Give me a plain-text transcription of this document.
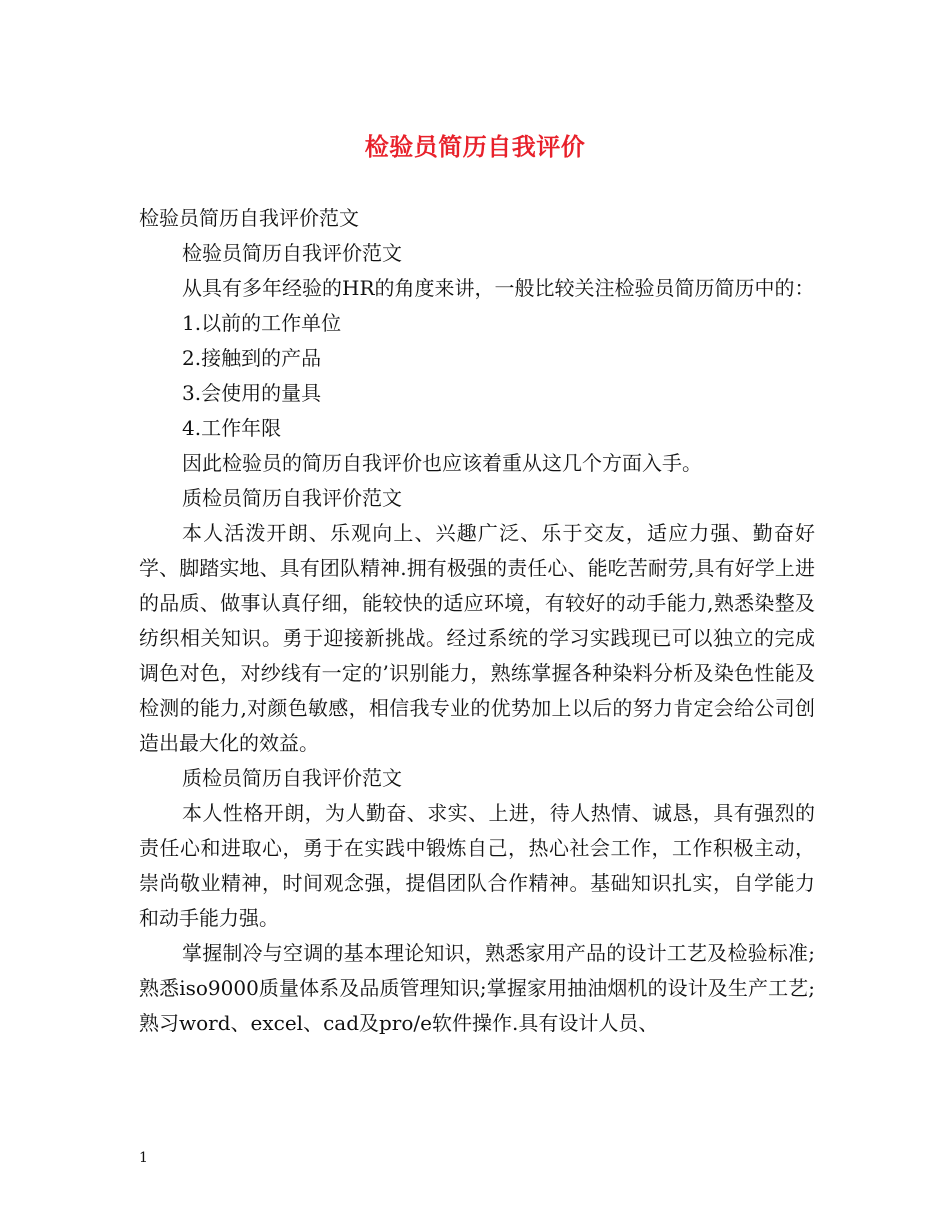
检验员简历自我评价
检验员简历自我评价范文
检验员简历自我评价范文
从具有多年经验的HR的角度来讲，一般比较关注检验员简历简历中的：
1.以前的工作单位
2.接触到的产品
3.会使用的量具
4.工作年限
因此检验员的简历自我评价也应该着重从这几个方面入手。
质检员简历自我评价范文
本人活泼开朗、乐观向上、兴趣广泛、乐于交友，适应力强、勤奋好学、脚踏实地、具有团队精神.拥有极强的责任心、能吃苦耐劳,具有好学上进的品质、做事认真仔细，能较快的适应环境，有较好的动手能力,熟悉染整及纺织相关知识。勇于迎接新挑战。经过系统的学习实践现已可以独立的完成调色对色，对纱线有一定的’识别能力，熟练掌握各种染料分析及染色性能及检测的能力,对颜色敏感，相信我专业的优势加上以后的努力肯定会给公司创造出最大化的效益。
质检员简历自我评价范文
本人性格开朗，为人勤奋、求实、上进，待人热情、诚恳，具有强烈的责任心和进取心，勇于在实践中锻炼自己，热心社会工作，工作积极主动，崇尚敬业精神，时间观念强，提倡团队合作精神。基础知识扎实，自学能力和动手能力强。
掌握制冷与空调的基本理论知识，熟悉家用产品的设计工艺及检验标准;熟悉iso9000质量体系及品质管理知识;掌握家用抽油烟机的设计及生产工艺;熟习word、excel、cad及pro/e软件操作.具有设计人员、
1
